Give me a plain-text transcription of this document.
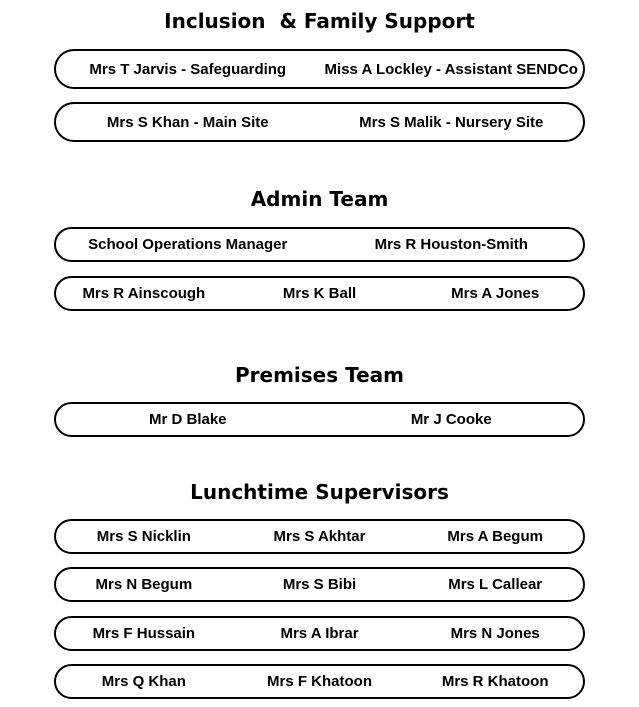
Inclusion  & Family Support
Mrs T Jarvis - Safeguarding	Miss A Lockley - Assistant SENDCo
Mrs S Khan - Main Site	Mrs S Malik - Nursery Site
Admin Team
School Operations Manager	Mrs R Houston-Smith
Mrs R Ainscough	Mrs K Ball	Mrs A Jones
Premises Team
Mr D Blake	Mr J Cooke
Lunchtime Supervisors
Mrs S Nicklin	Mrs S Akhtar	Mrs A Begum
Mrs N Begum	Mrs S Bibi	Mrs L Callear
Mrs F Hussain	Mrs A Ibrar	Mrs N Jones
Mrs Q Khan	Mrs F Khatoon	Mrs R Khatoon
